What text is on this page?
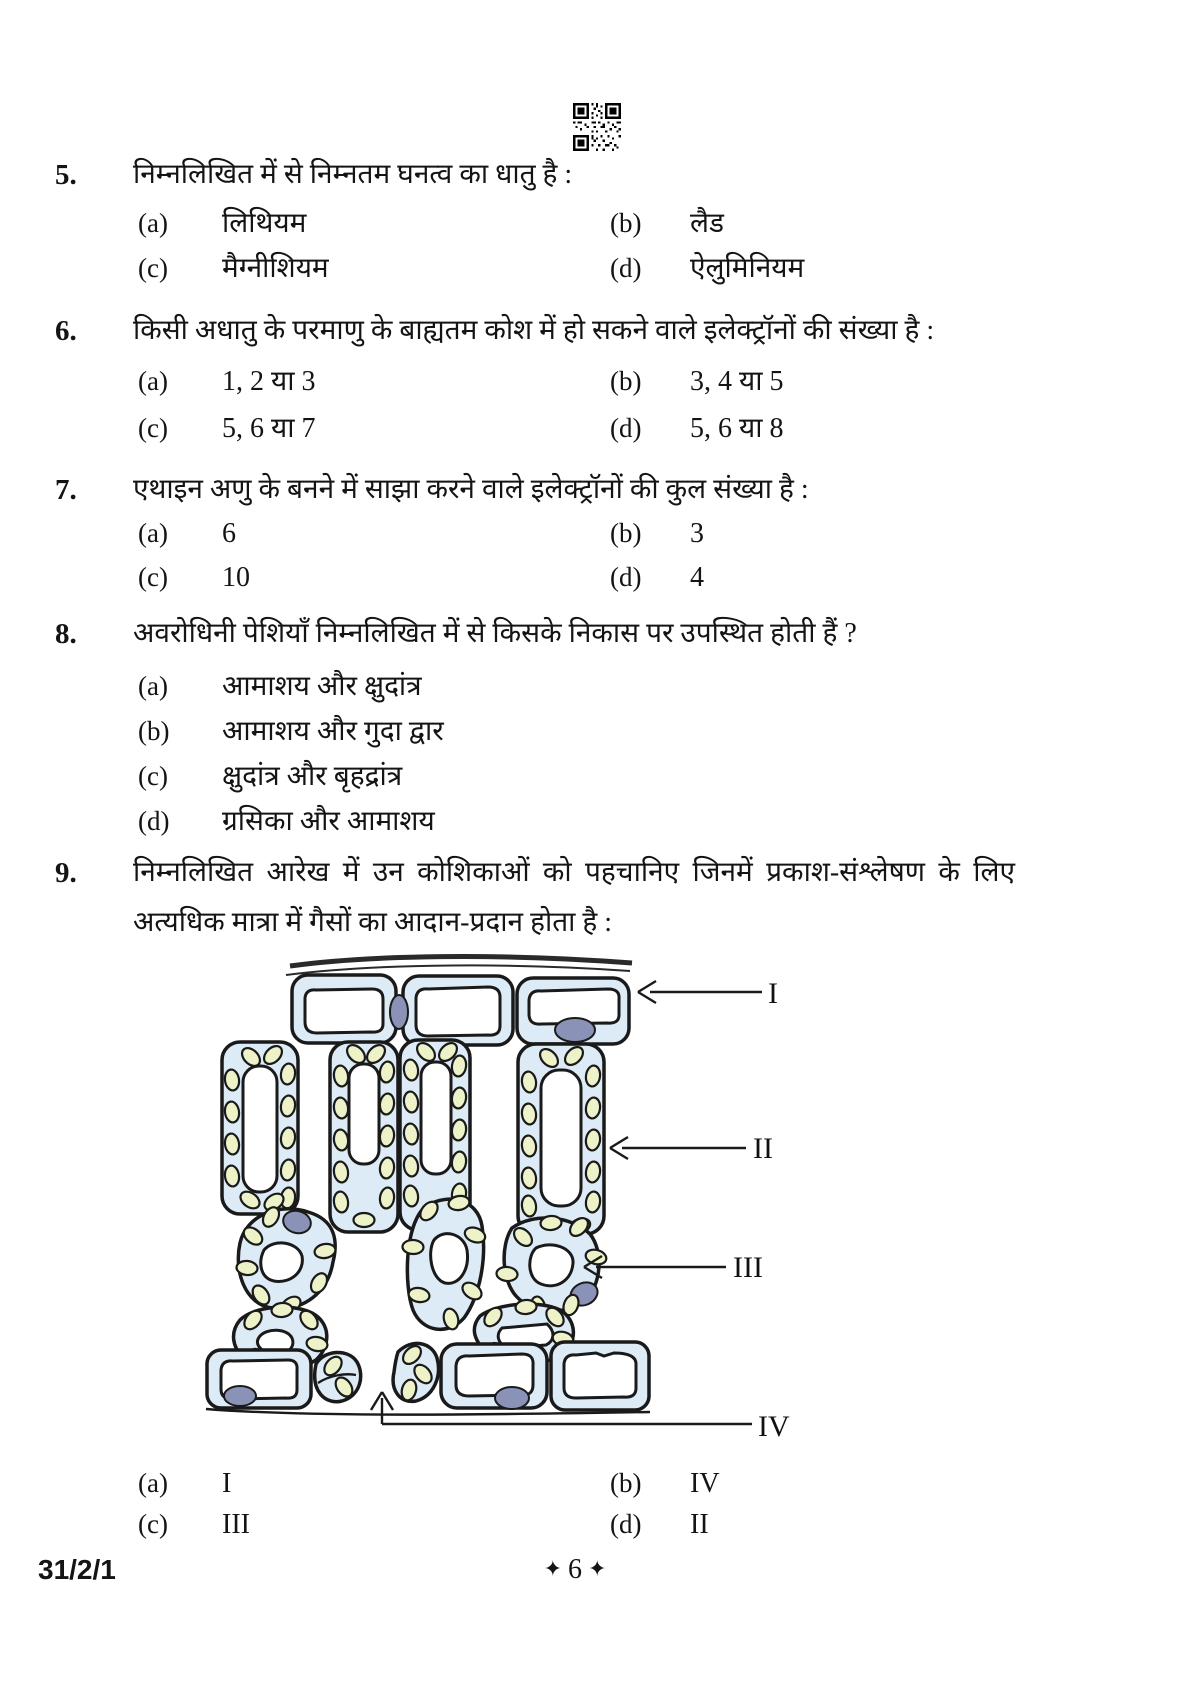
5. निम्नलिखित में से निम्नतम घनत्व का धातु है :
(a) लिथियम	(b) लैड
(c) मैग्नीशियम	(d) ऐलुमिनियम
6. किसी अधातु के परमाणु के बाह्यतम कोश में हो सकने वाले इलेक्ट्रॉनों की संख्या है :
(a) 1, 2 या 3	(b) 3, 4 या 5
(c) 5, 6 या 7	(d) 5, 6 या 8
7. एथाइन अणु के बनने में साझा करने वाले इलेक्ट्रॉनों की कुल संख्या है :
(a) 6	(b) 3
(c) 10	(d) 4
8. अवरोधिनी पेशियाँ निम्नलिखित में से किसके निकास पर उपस्थित होती हैं ?
(a) आमाशय और क्षुदांत्र
(b) आमाशय और गुदा द्वार
(c) क्षुदांत्र और बृहद्रांत्र
(d) ग्रसिका और आमाशय
9. निम्नलिखित आरेख में उन कोशिकाओं को पहचानिए जिनमें प्रकाश-संश्लेषण के लिए
अत्यधिक मात्रा में गैसों का आदान-प्रदान होता है :
I
II
III
IV
(a) I	(b) IV
(c) III	(d) II
31/2/1	✦ 6 ✦
